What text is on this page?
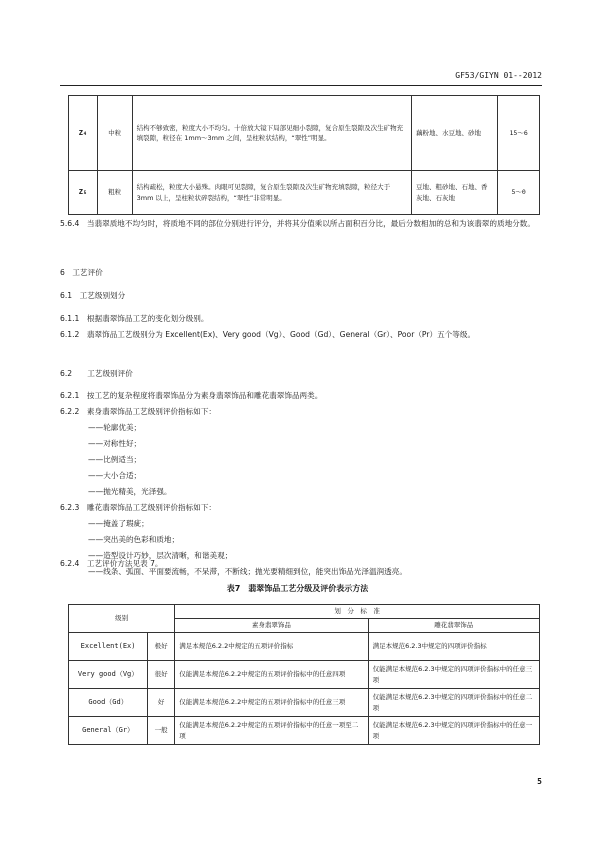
GF53/GIYN 01--2012
Z₄	中粒	结构不够致密，粒度大小不均匀。十倍放大镜下局部见细小裂隙，复合原生裂隙及次生矿物充填裂隙，粒径在 1mm～3mm 之间，呈柱粒状结构，“翠性”明显。	藕粉地、水豆地、砂地	15～6
Z₅	粗粒	结构疏松，粒度大小悬殊。肉眼可见裂隙，复合原生裂隙及次生矿物充填裂隙，粒径大于 3mm 以上，呈柱粒状碎裂结构，“翠性”非常明显。	豆地、粗砂地、石地、香灰地、石灰地	5～0
5.6.4　当翡翠质地不均匀时，将质地不同的部位分别进行评分，并将其分值乘以所占面积百分比，最后分数相加的总和为该翡翠的质地分数。
6　工艺评价
6.1　工艺级别划分
6.1.1　根据翡翠饰品工艺的变化划分级别。
6.1.2　翡翠饰品工艺级别分为 Excellent(Ex)、Very good（Vg）、Good（Gd）、General（Gr）、Poor（Pr）五个等级。
6.2　　工艺级别评价
6.2.1　按工艺的复杂程度将翡翠饰品分为素身翡翠饰品和雕花翡翠饰品两类。
6.2.2　素身翡翠饰品工艺级别评价指标如下：
——轮廓优美；
——对称性好；
——比例适当；
——大小合适；
——抛光精美，光泽强。
6.2.3　雕花翡翠饰品工艺级别评价指标如下：
——掩盖了瑕疵；
——突出美的色彩和质地；
——造型设计巧妙，层次清晰，和谐美观；
——线条、弧面、平面要流畅，不呆滞，不断线；抛光要精细到位，能突出饰品光泽温润透亮。
6.2.4　工艺评价方法见表 7。
表7　翡翠饰品工艺分级及评价表示方法
级别		划　分　标　准	
		素身翡翠饰品	雕花翡翠饰品
Excellent(Ex)	极好	满足本规范6.2.2中规定的五项评价指标	满足本规范6.2.3中规定的四项评价指标
Very good（Vg）	很好	仅能满足本规范6.2.2中规定的五项评价指标中的任意四项	仅能满足本规范6.2.3中规定的四项评价指标中的任意三项
Good（Gd）	好	仅能满足本规范6.2.2中规定的五项评价指标中的任意三项	仅能满足本规范6.2.3中规定的四项评价指标中的任意二项
General（Gr）	一般	仅能满足本规范6.2.2中规定的五项评价指标中的任意一项至二项	仅能满足本规范6.2.3中规定的四项评价指标中的任意一项
5
